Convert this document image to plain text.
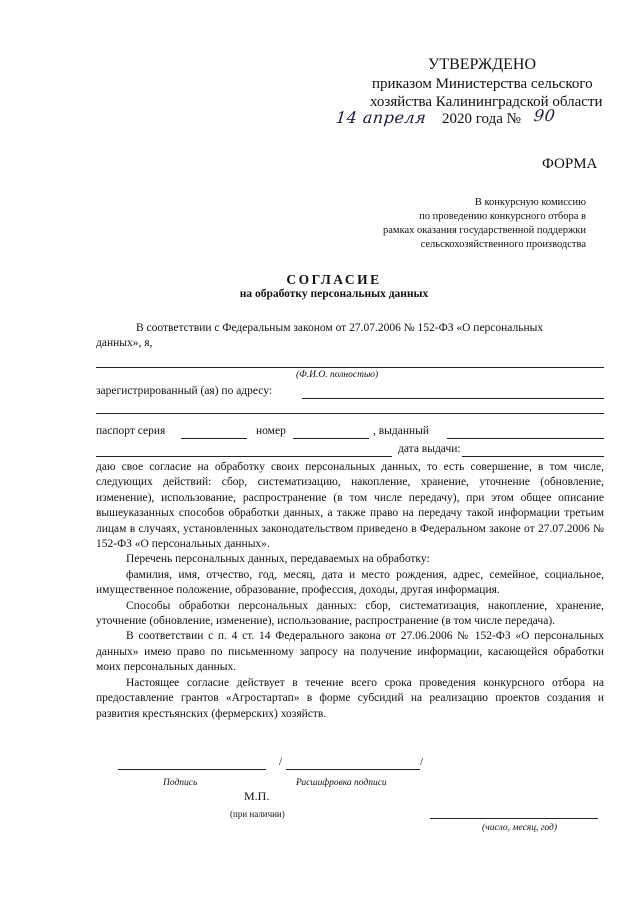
УТВЕРЖДЕНО
приказом Министерства сельского
хозяйства Калининградской области
14 апреля 2020 года № 90
ФОРМА
В конкурсную комиссию
по проведению конкурсного отбора в
рамках оказания государственной поддержки
сельскохозяйственного производства
СОГЛАСИЕ
на обработку персональных данных
В соответствии с Федеральным законом от 27.07.2006 № 152-ФЗ «О персональных
данных», я,
(Ф.И.О. полностью)
зарегистрированный (ая) по адресу:
паспорт серия	номер	, выданный
дата выдачи:

даю свое согласие на обработку своих персональных данных, то есть совершение, в том числе, следующих действий: сбор, систематизацию, накопление, хранение, уточнение (обновление, изменение), использование, распространение (в том числе передачу), при этом общее описание вышеуказанных способов обработки данных, а также право на передачу такой информации третьим лицам в случаях, установленных законодательством приведено в Федеральном законе от 27.07.2006 № 152-ФЗ «О персональных данных».

Перечень персональных данных, передаваемых на обработку:

фамилия, имя, отчество, год, месяц, дата и место рождения, адрес, семейное, социальное, имущественное положение, образование, профессия, доходы, другая информация.

Способы обработки персональных данных: сбор, систематизация, накопление, хранение, уточнение (обновление, изменение), использование, распространение (в том числе передача).

В соответствии с п. 4 ст. 14 Федерального закона от 27.06.2006 № 152-ФЗ «О персональных данных» имею право по письменному запросу на получение информации, касающейся обработки моих персональных данных.

Настоящее согласие действует в течение всего срока проведения конкурсного отбора на предоставление грантов «Агростартап» в форме субсидий на реализацию проектов создания и развития крестьянских (фермерских) хозяйств.

/	/
Подпись	Расшифровка подписи
М.П.
(при наличии)
(число, месяц, год)
